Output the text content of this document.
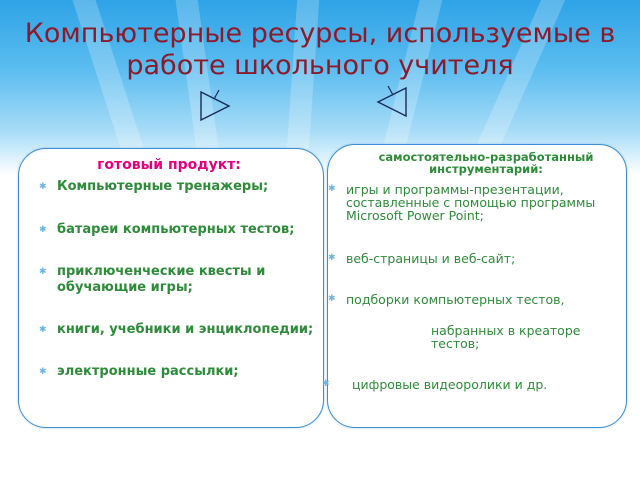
Компьютерные ресурсы, используемые в работе школьного учителя
готовый продукт:
✱ Компьютерные тренажеры;
✱ батареи компьютерных тестов;
✱ приключенческие квесты и обучающие игры;
✱ книги, учебники и энциклопедии;
✱ электронные рассылки;
самостоятельно-разработанный инструментарий:
✱ игры и программы-презентации, составленные с помощью программы Microsoft Power Point;
✱ веб-страницы и веб-сайт;
✱ подборки компьютерных тестов,
набранных в креаторе тестов;
✱ цифровые видеоролики и др.
